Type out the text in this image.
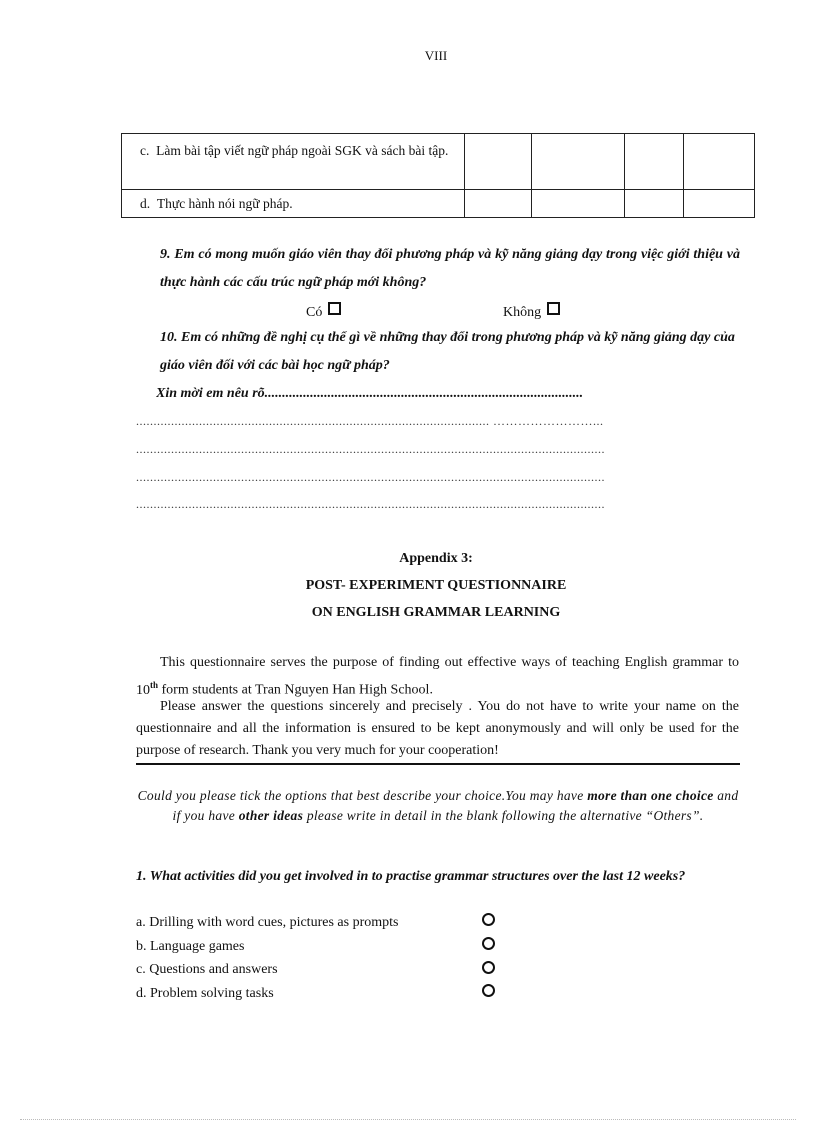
VIII
c.  Làm bài tập viết ngữ pháp ngoài SGK và sách bài tập.				

d.  Thực hành nói ngữ pháp.				

9. Em có mong muốn giáo viên thay đổi phương pháp và kỹ năng giảng dạy trong việc giới thiệu và thực hành các cấu trúc ngữ pháp mới không?
Có	Không
10. Em có những đề nghị cụ thể gì về những thay đổi trong phương pháp và kỹ năng giảng dạy của giáo viên đối với các bài học ngữ pháp?
Xin mời em nêu rõ...........................................................................................
..................................................................................................... ……………………...
......................................................................................................................................
......................................................................................................................................
......................................................................................................................................
Appendix 3:
POST- EXPERIMENT QUESTIONNAIRE
ON ENGLISH GRAMMAR LEARNING
This questionnaire serves the purpose of finding out effective ways of teaching English grammar to 10th form students at Tran Nguyen Han High School.
Please answer the questions sincerely and precisely . You do not have to write your name on the questionnaire and all the information is ensured to be kept anonymously and will only be used for the purpose of research. Thank you very much for your cooperation!
Could you please tick the options that best describe your choice.You may have more than one choice and if you have other ideas please write in detail in the blank following the alternative “Others”.
1. What activities did you get involved in to practise grammar structures over the last 12 weeks?
a. Drilling with word cues, pictures as prompts
b. Language games
c. Questions and answers
d. Problem solving tasks
